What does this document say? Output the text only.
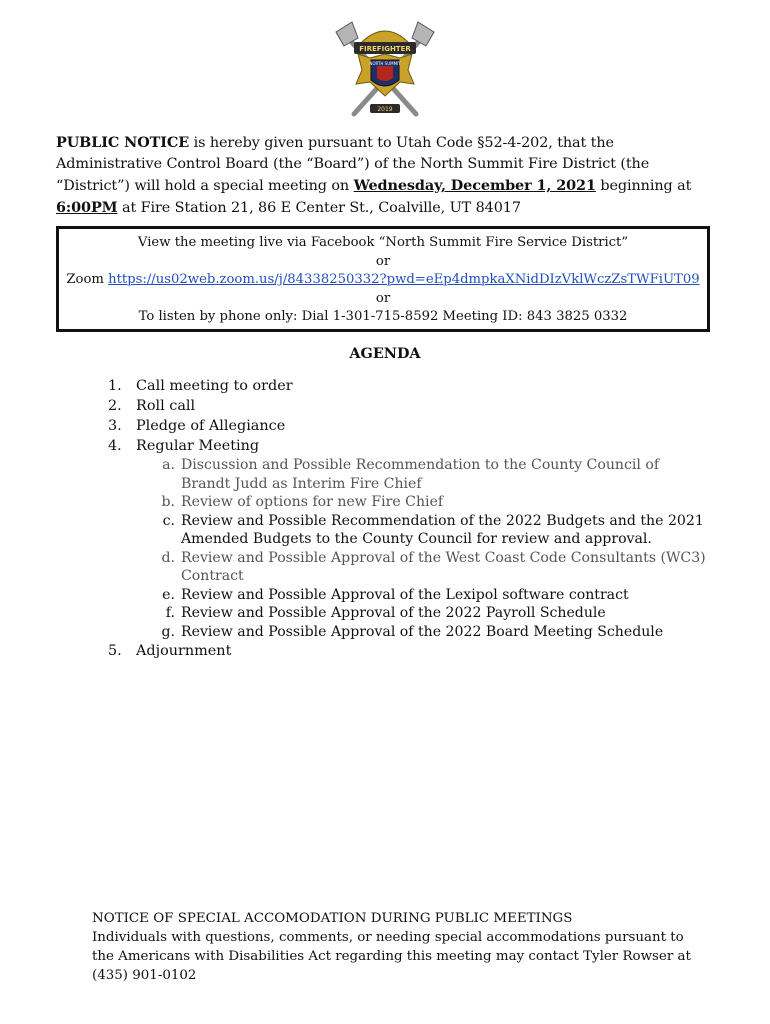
FIREFIGHTER
NORTH SUMMIT
2019
PUBLIC NOTICE is hereby given pursuant to Utah Code §52-4-202, that the Administrative Control Board (the “Board”) of the North Summit Fire District (the “District”) will hold a special meeting on Wednesday, December 1, 2021 beginning at 6:00PM at Fire Station 21, 86 E Center St., Coalville, UT 84017
View the meeting live via Facebook “North Summit Fire Service District”
or
Zoom https://us02web.zoom.us/j/84338250332?pwd=eEp4dmpkaXNidDIzVklWczZsTWFiUT09
or
To listen by phone only: Dial 1-301-715-8592 Meeting ID: 843 3825 0332
AGENDA
1. Call meeting to order
2. Roll call
3. Pledge of Allegiance
4. Regular Meeting
a. Discussion and Possible Recommendation to the County Council of Brandt Judd as Interim Fire Chief
b. Review of options for new Fire Chief
c. Review and Possible Recommendation of the 2022 Budgets and the 2021 Amended Budgets to the County Council for review and approval.
d. Review and Possible Approval of the West Coast Code Consultants (WC3) Contract
e. Review and Possible Approval of the Lexipol software contract
f. Review and Possible Approval of the 2022 Payroll Schedule
g. Review and Possible Approval of the 2022 Board Meeting Schedule
5. Adjournment
NOTICE OF SPECIAL ACCOMODATION DURING PUBLIC MEETINGS
Individuals with questions, comments, or needing special accommodations pursuant to the Americans with Disabilities Act regarding this meeting may contact Tyler Rowser at (435) 901-0102
